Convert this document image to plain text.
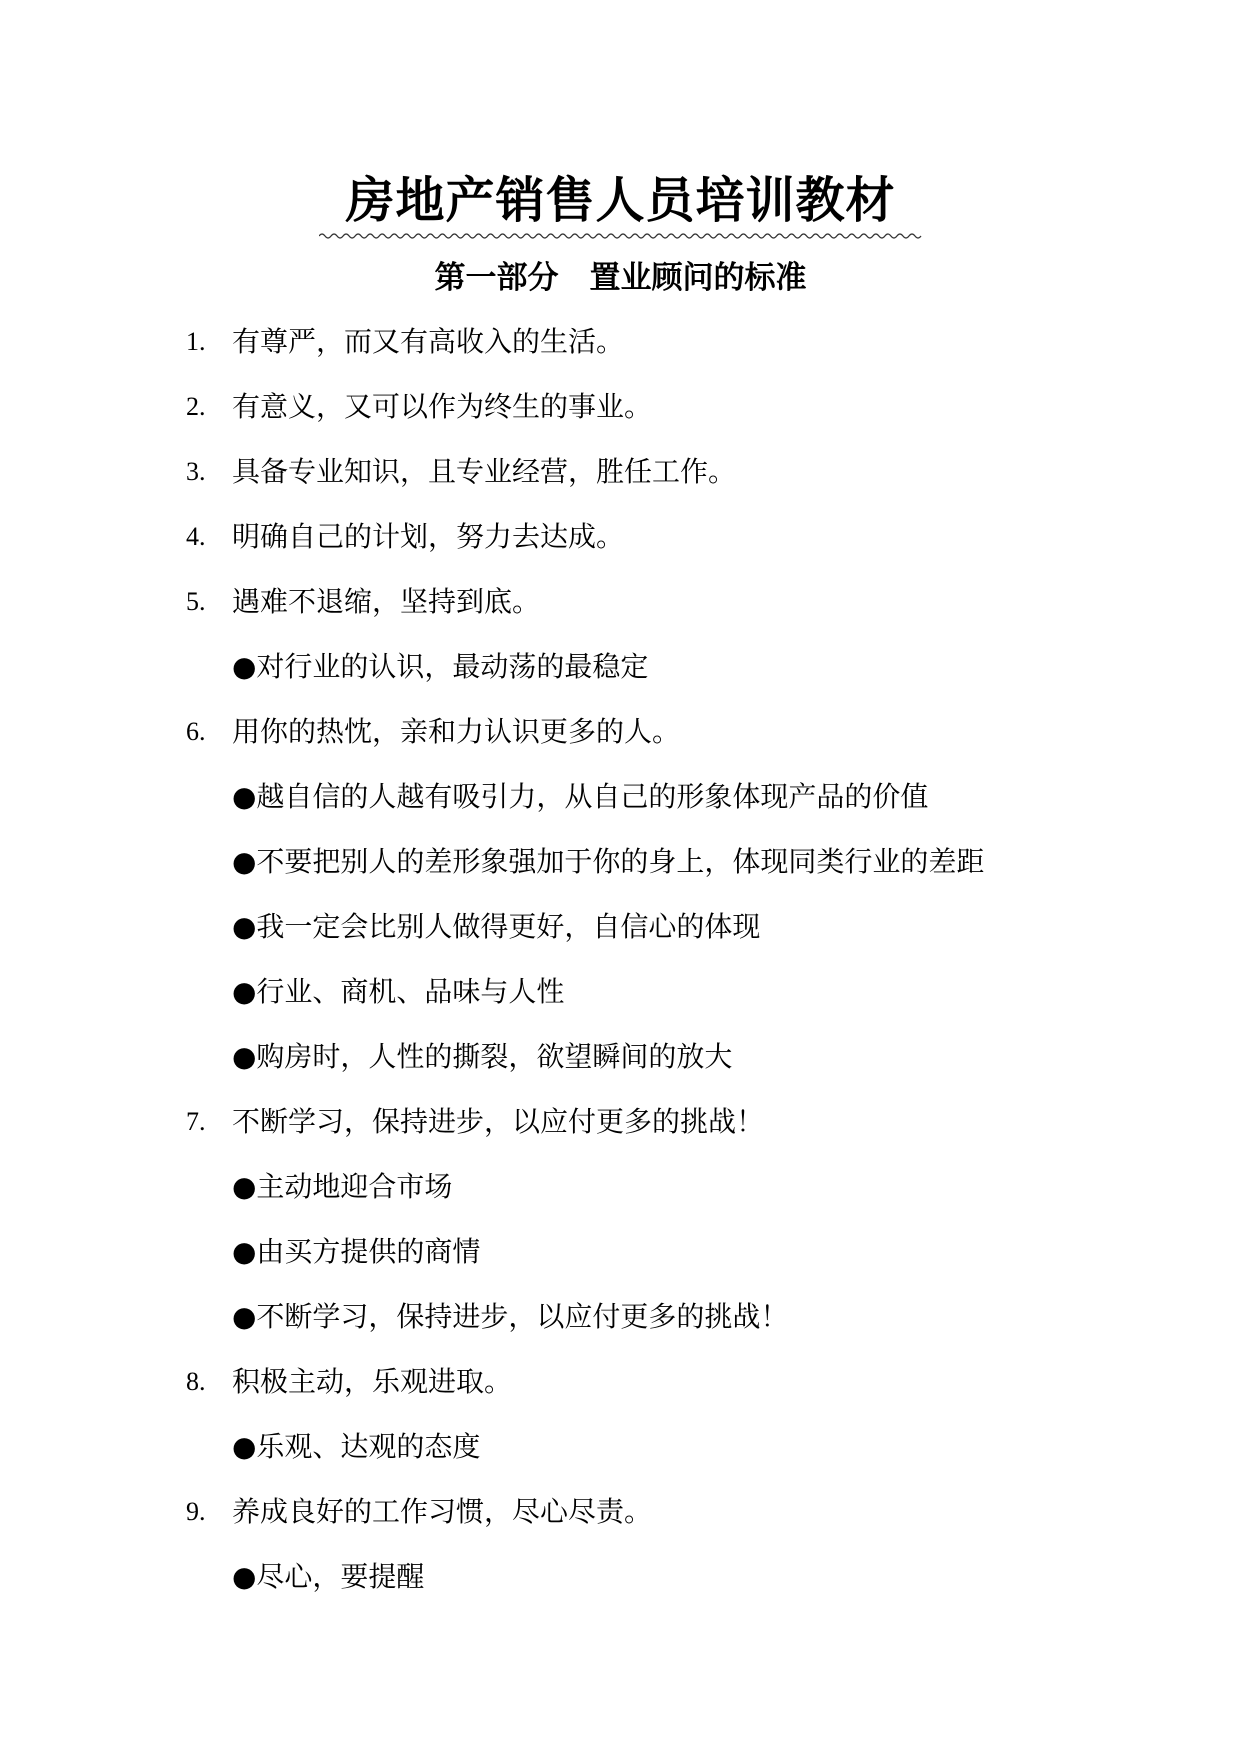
房地产销售人员培训教材
第一部分　置业顾问的标准
1. 有尊严，而又有高收入的生活。
2. 有意义，又可以作为终生的事业。
3. 具备专业知识，且专业经营，胜任工作。
4. 明确自己的计划，努力去达成。
5. 遇难不退缩，坚持到底。
●对行业的认识，最动荡的最稳定
6. 用你的热忱，亲和力认识更多的人。
●越自信的人越有吸引力，从自己的形象体现产品的价值
●不要把别人的差形象强加于你的身上，体现同类行业的差距
●我一定会比别人做得更好，自信心的体现
●行业、商机、品味与人性
●购房时，人性的撕裂，欲望瞬间的放大
7. 不断学习，保持进步，以应付更多的挑战！
●主动地迎合市场
●由买方提供的商情
●不断学习，保持进步，以应付更多的挑战！
8. 积极主动，乐观进取。
●乐观、达观的态度
9. 养成良好的工作习惯，尽心尽责。
●尽心，要提醒
